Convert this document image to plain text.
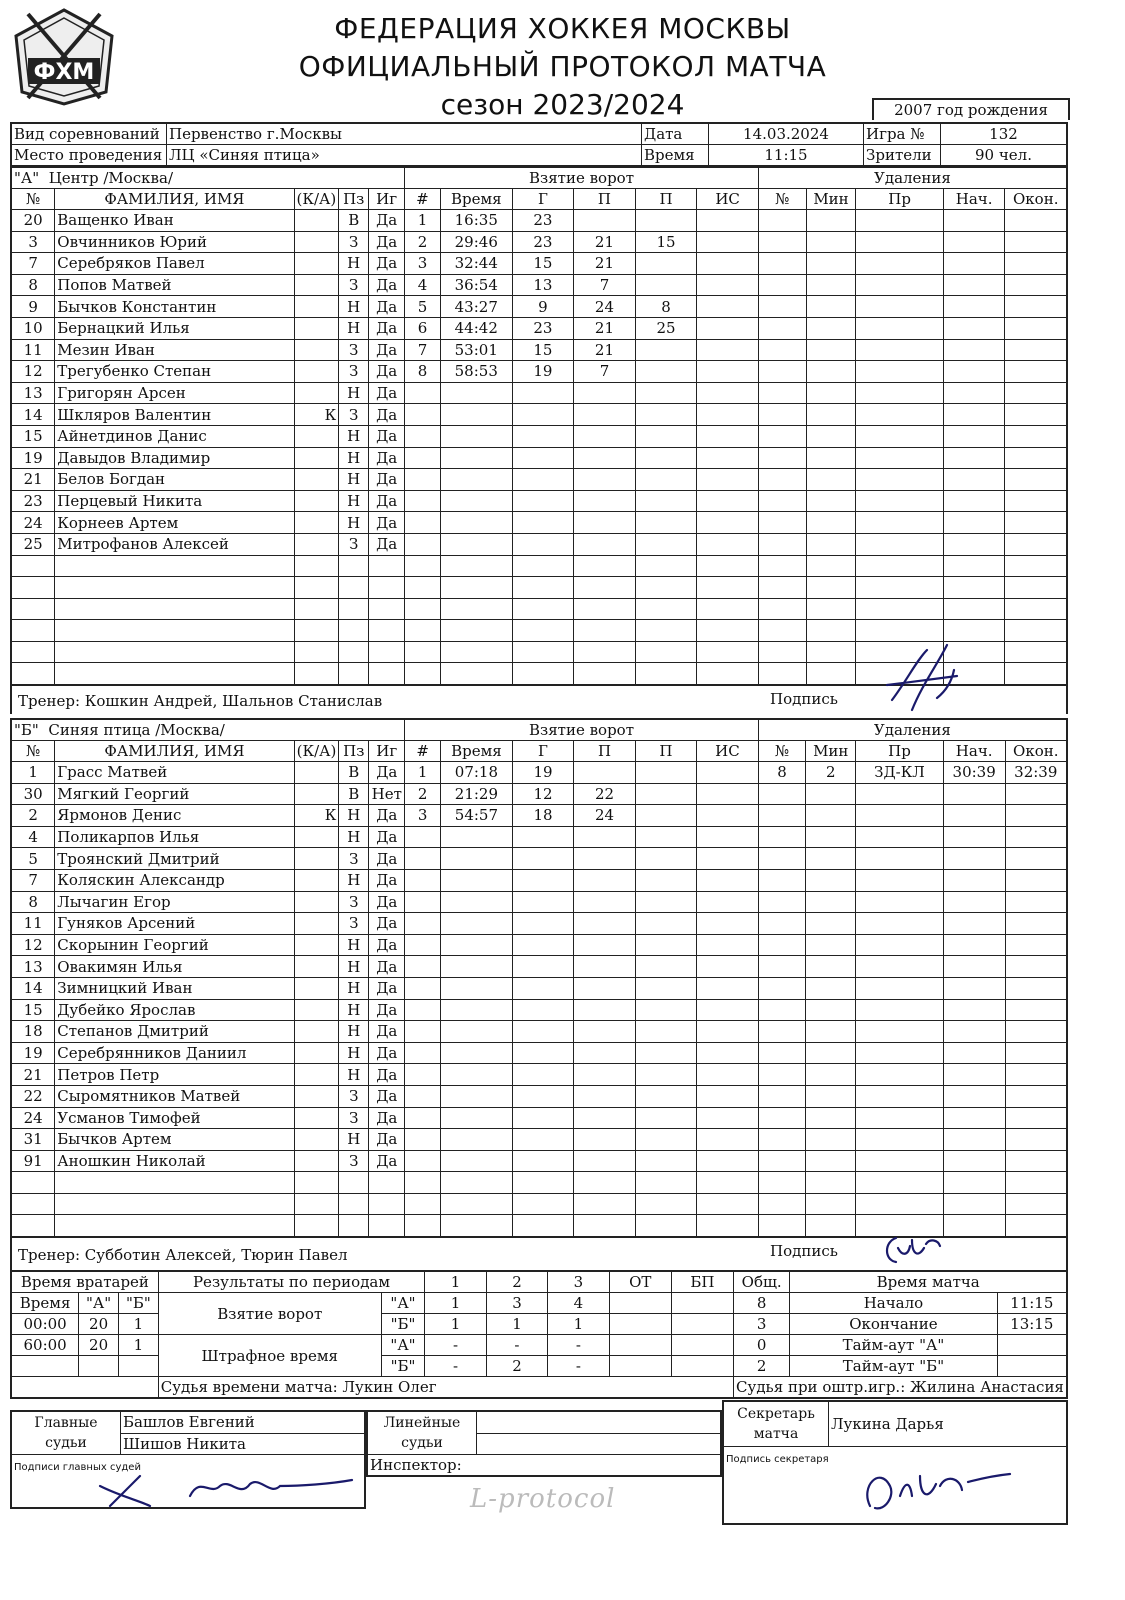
ФХМ
ФЕДЕРАЦИЯ ХОККЕЯ МОСКВЫ
ОФИЦИАЛЬНЫЙ ПРОТОКОЛ МАТЧА
сезон 2023/2024	2007 год рождения
Вид соревнований	Первенство г.Москвы	Дата	14.03.2024	Игра №	132
Место проведения	ЛЦ «Синяя птица»	Время	11:15	Зрители	90 чел.
"А" Центр /Москва/					Взятие ворот						Удаления				
№	ФАМИЛИЯ, ИМЯ	(К/А)	Пз	Иг	#	Время	Г	П	П	ИС	№	Мин	Пр	Нач.	Окон.
20	Ващенко Иван		В	Да	1	16:35	23								
3	Овчинников Юрий		З	Да	2	29:46	23	21	15						
7	Серебряков Павел		Н	Да	3	32:44	15	21							
8	Попов Матвей		З	Да	4	36:54	13	7							
9	Бычков Константин		Н	Да	5	43:27	9	24	8						
10	Бернацкий Илья		Н	Да	6	44:42	23	21	25						
11	Мезин Иван		З	Да	7	53:01	15	21							
12	Трегубенко Степан		З	Да	8	58:53	19	7							
13	Григорян Арсен		Н	Да											
14	Шкляров Валентин	К	З	Да											
15	Айнетдинов Данис		Н	Да											
19	Давыдов Владимир		Н	Да											
21	Белов Богдан		Н	Да											
23	Перцевый Никита		Н	Да											
24	Корнеев Артем		Н	Да											
25	Митрофанов Алексей		З	Да											

Тренер: Кошкин Андрей, Шальнов Станислав	Подпись
"Б" Синяя птица /Москва/					Взятие ворот						Удаления				
№	ФАМИЛИЯ, ИМЯ	(К/А)	Пз	Иг	#	Время	Г	П	П	ИС	№	Мин	Пр	Нач.	Окон.
1	Грасс Матвей		В	Да	1	07:18	19				8	2	ЗД-КЛ	30:39	32:39
30	Мягкий Георгий		В	Нет	2	21:29	12	22							
2	Ярмонов Денис	К	Н	Да	3	54:57	18	24							
4	Поликарпов Илья		Н	Да											
5	Троянский Дмитрий		З	Да											
7	Коляскин Александр		Н	Да											
8	Лычагин Егор		З	Да											
11	Гуняков Арсений		З	Да											
12	Скорынин Георгий		Н	Да											
13	Овакимян Илья		Н	Да											
14	Зимницкий Иван		Н	Да											
15	Дубейко Ярослав		Н	Да											
18	Степанов Дмитрий		Н	Да											
19	Серебрянников Даниил		Н	Да											
21	Петров Петр		Н	Да											
22	Сыромятников Матвей		З	Да											
24	Усманов Тимофей		З	Да											
31	Бычков Артем		Н	Да											
91	Аношкин Николай		З	Да											

Тренер: Субботин Алексей, Тюрин Павел	Подпись
Время вратарей			Результаты по периодам		1	2	3	ОТ	БП	Общ.	Время матча	
Время	"А"	"Б"	Взятие ворот	"А"	1	3	4			8	Начало	11:15
00:00	20	1		"Б"	1	1	1			3	Окончание	13:15
60:00	20	1	Штрафное время	"А"	-	-	-			0	Тайм-аут "А"	
				"Б"	-	2	-			2	Тайм-аут "Б"	
			Судья времени матча: Лукин Олег							Судья при оштр.игр.: Жилина Анастасия		
Главные
судьи	Башлов Евгений
Шишов Никита
Подписи главных судей
Линейные
судьи	

Инспектор:
Секретарь
матча	Лукина Дарья
Подпись секретаря
L-protocol
